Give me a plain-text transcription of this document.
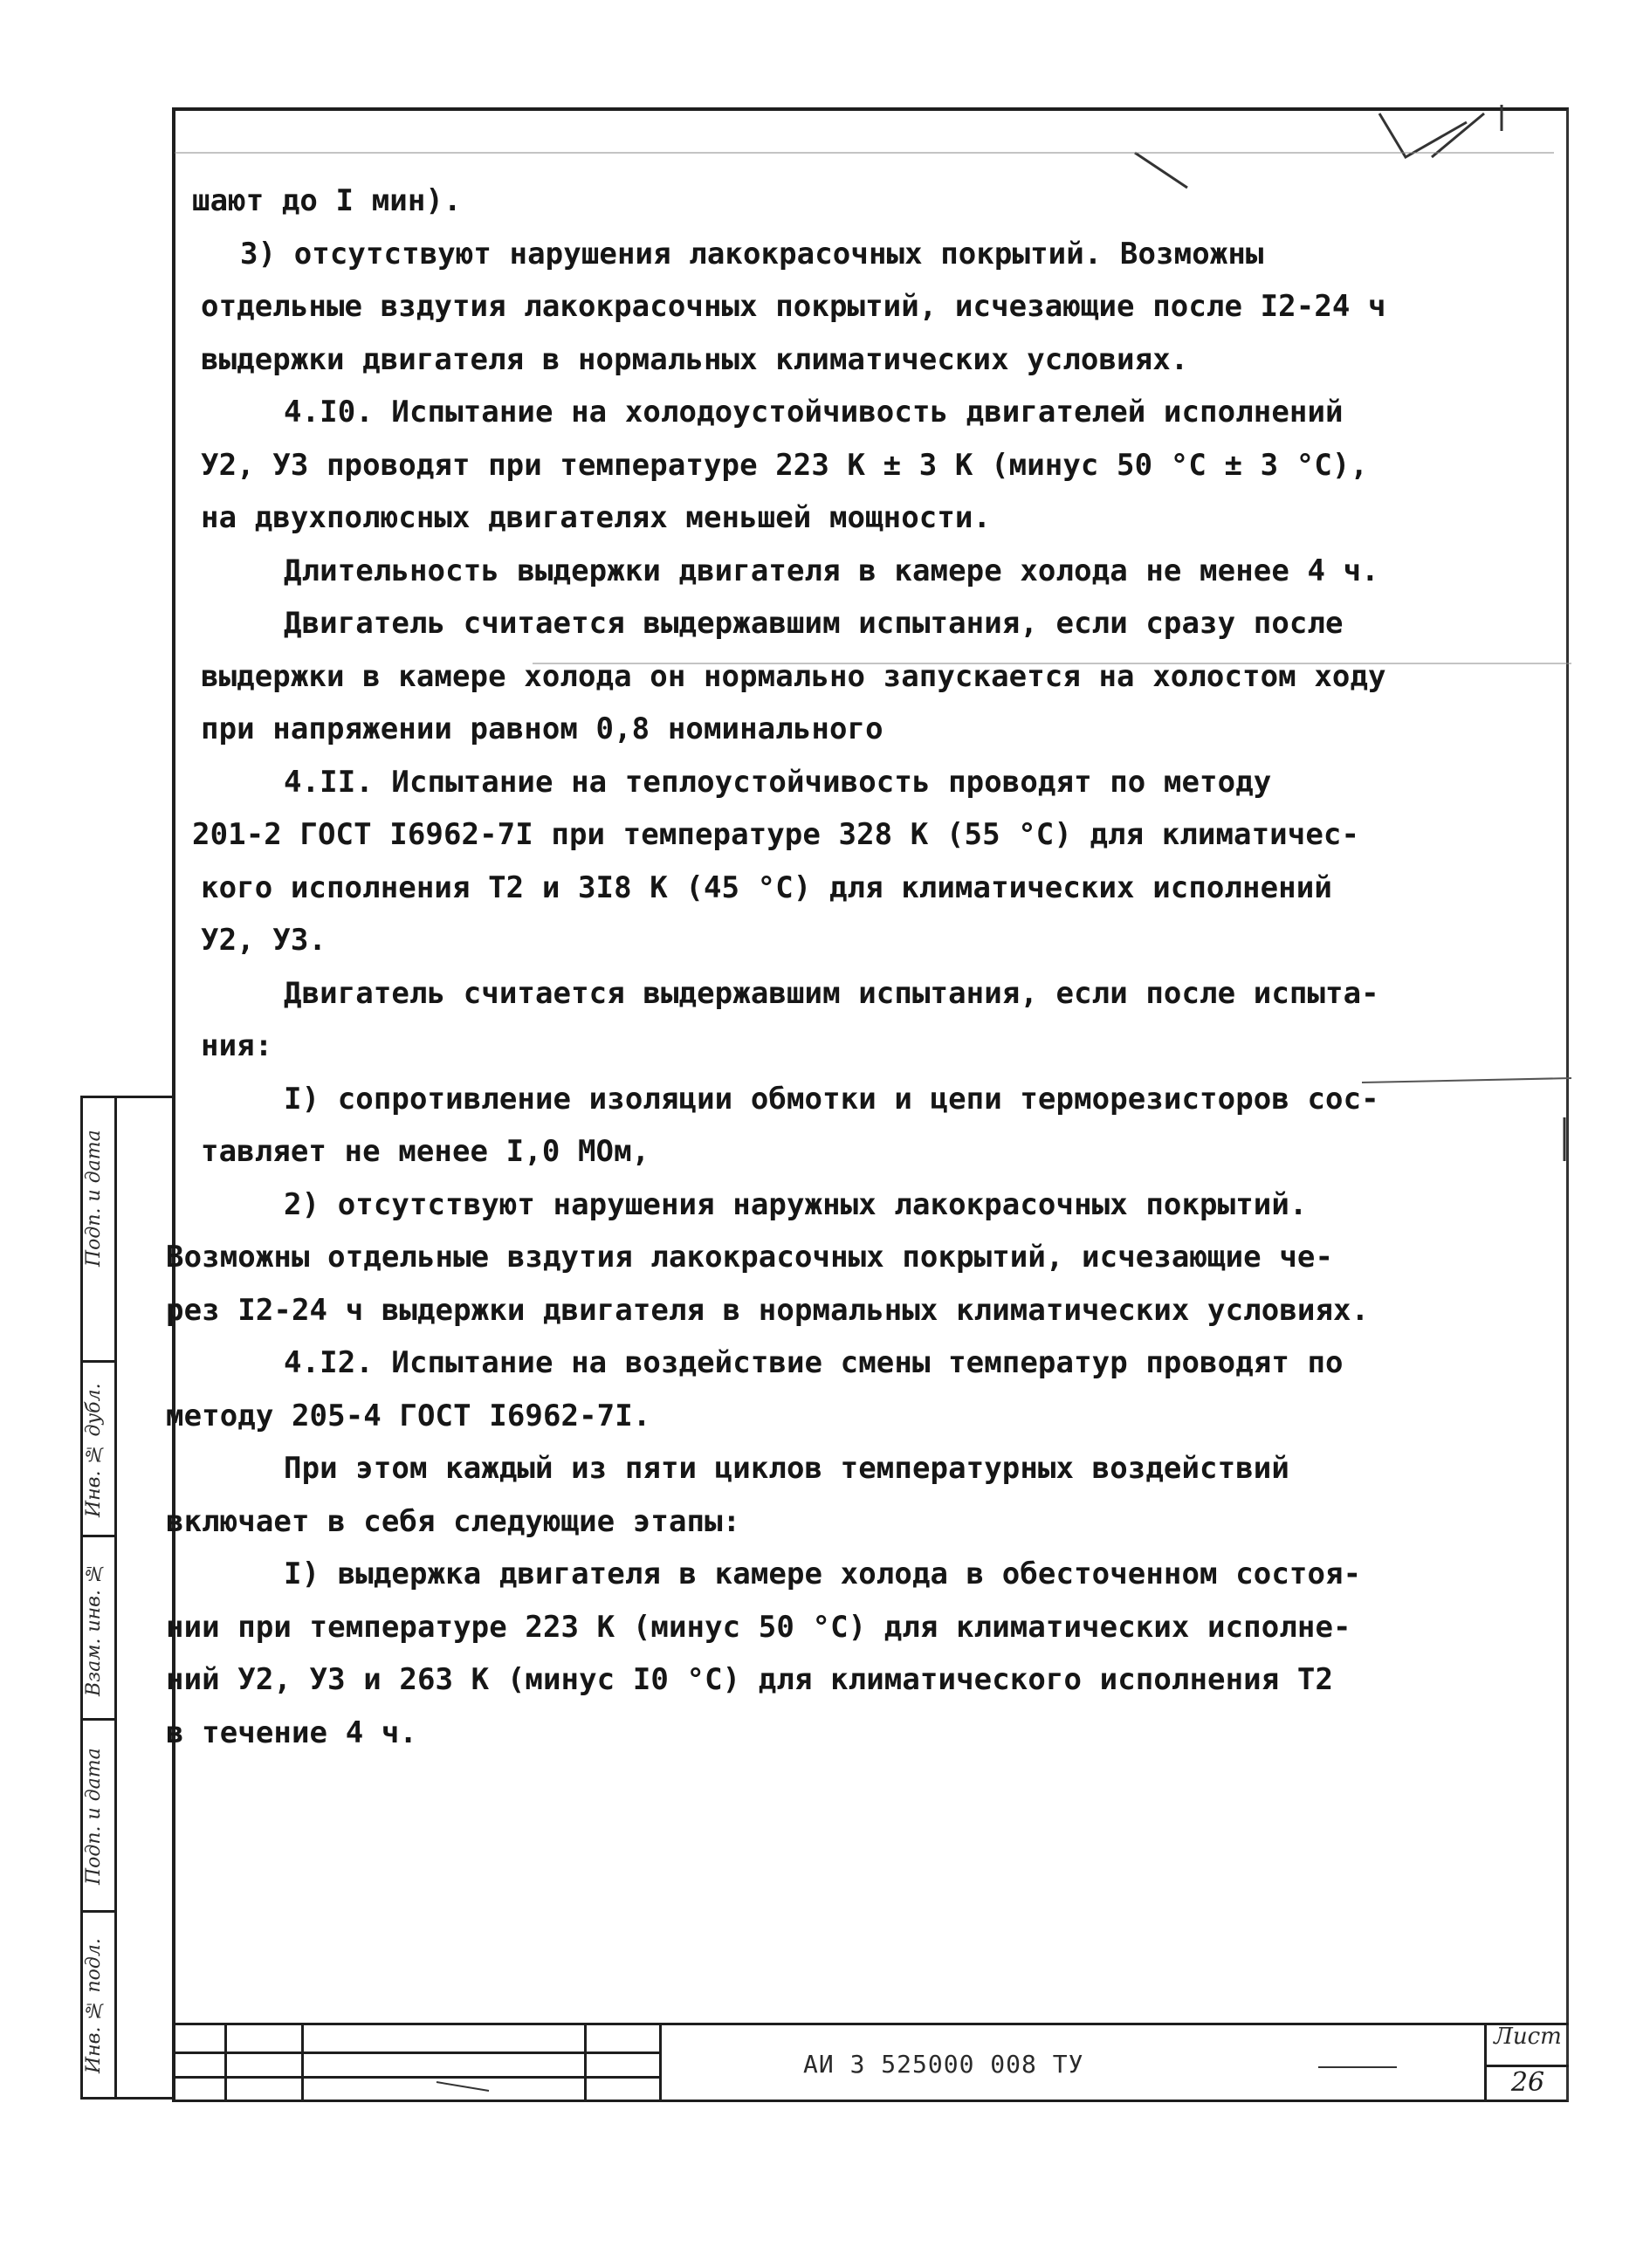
шают до I мин).

3) отсутствуют нарушения лакокрасочных покрытий. Возможны

отдельные вздутия лакокрасочных покрытий, исчезающие после I2-24 ч

выдержки двигателя в нормальных климатических условиях.

4.I0. Испытание на холодоустойчивость двигателей исполнений

У2, У3 проводят при температуре 223 К ± 3 К (минус 50 °С ± 3 °С),

на двухполюсных двигателях меньшей мощности.

Длительность выдержки двигателя в камере холода не менее 4 ч.

Двигатель считается выдержавшим испытания, если сразу после

выдержки в камере холода он нормально запускается на холостом ходу

при напряжении равном 0,8 номинального

4.II. Испытание на теплоустойчивость проводят по методу

201-2 ГОСТ I6962-7I при температуре 328 К (55 °С) для климатичес-

кого исполнения Т2 и 3I8 К (45 °С) для климатических исполнений

У2, У3.

Двигатель считается выдержавшим испытания, если после испыта-

ния:

I) сопротивление изоляции обмотки и цепи терморезисторов сос-

тавляет не менее I,0 МОм,

2) отсутствуют нарушения наружных лакокрасочных покрытий.

Возможны отдельные вздутия лакокрасочных покрытий, исчезающие че-

рез I2-24 ч выдержки двигателя в нормальных климатических условиях.

4.I2. Испытание на воздействие смены температур проводят по

методу 205-4 ГОСТ I6962-7I.

При этом каждый из пяти циклов температурных воздействий

включает в себя следующие этапы:

I) выдержка двигателя в камере холода в обесточенном состоя-

нии при температуре 223 К (минус 50 °С) для климатических исполне-

ний У2, У3 и 263 К (минус I0 °С) для климатического исполнения Т2

в течение 4 ч.

Подп. и дата
Инв. № дубл.
Взам. инв. №
Подп. и дата
Инв. № подл.	АИ 3 525000 008 ТУ
Лист
26
